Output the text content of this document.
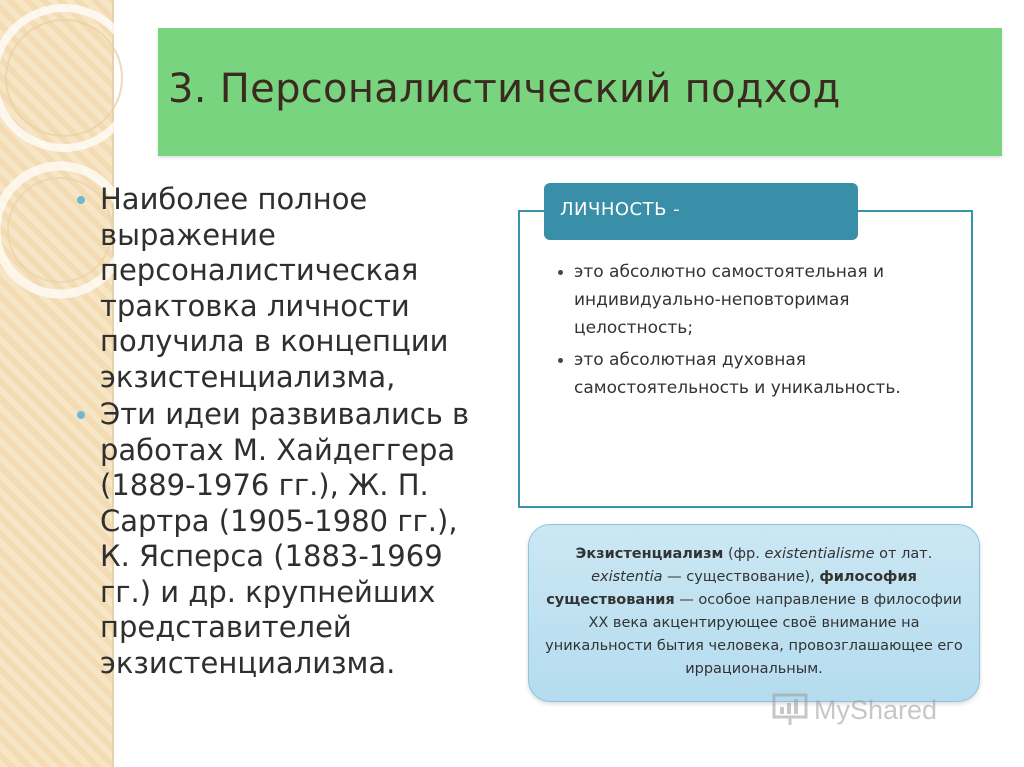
3. Персоналистический подход
Наиболее полное выражение персоналистическая трактовка личности получила в концепции экзистенциализма,
Эти идеи развивались в работах М. Хайдеггера (1889-1976 гг.), Ж. П. Сартра (1905-1980 гг.), К. Ясперса (1883-1969 гг.) и др. крупнейших представителей экзистенциализма.
ЛИЧНОСТЬ -
это абсолютно самостоятельная и индивидуально-неповторимая целостность;
это абсолютная духовная самостоятельность и уникальность.
Экзистенциализм (фр. existentialisme от лат. existentia — существование), философия существования — особое направление в философии XX века акцентирующее своё внимание на уникальности бытия человека, провозглашающее его иррациональным.
MyShared
